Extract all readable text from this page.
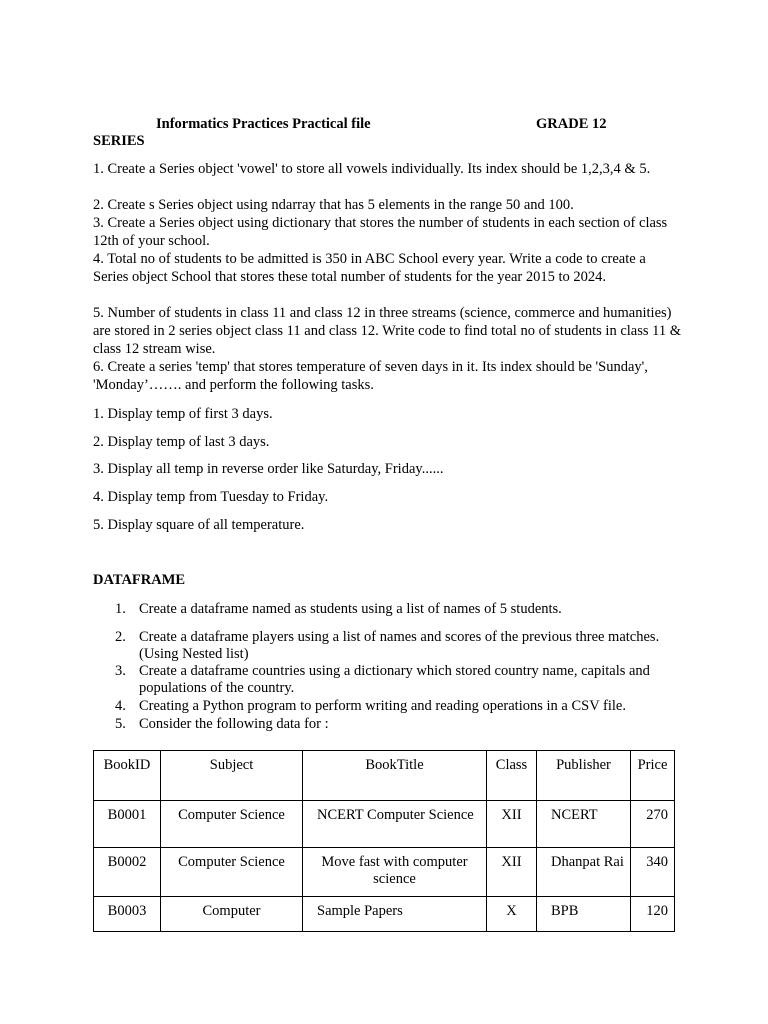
Informatics Practices Practical file	GRADE 12
SERIES
1. Create a Series object 'vowel' to store all vowels individually. Its index should be 1,2,3,4 & 5.
2. Create s Series object using ndarray that has 5 elements in the range 50 and 100.
3. Create a Series object using dictionary that stores the number of students in each section of class 12th of your school.
4. Total no of students to be admitted is 350 in ABC School every year. Write a code to create a Series object School that stores these total number of students for the year 2015 to 2024.
5. Number of students in class 11 and class 12 in three streams (science, commerce and humanities) are stored in 2 series object class 11 and class 12. Write code to find total no of students in class 11 & class 12 stream wise.
6. Create a series 'temp' that stores temperature of seven days in it. Its index should be 'Sunday', 'Monday’……. and perform the following tasks.
1. Display temp of first 3 days.
2. Display temp of last 3 days.
3. Display all temp in reverse order like Saturday, Friday......
4. Display temp from Tuesday to Friday.
5. Display square of all temperature.
DATAFRAME
1. Create a dataframe named as students using a list of names of 5 students.
2. Create a dataframe players using a list of names and scores of the previous three matches. (Using Nested list)
3. Create a dataframe countries using a dictionary which stored country name, capitals and populations of the country.
4. Creating a Python program to perform writing and reading operations in a CSV file.
5. Consider the following data for :
BookID	Subject	BookTitle	Class	Publisher	Price
B0001	Computer Science	NCERT Computer Science	XII	NCERT	270
B0002	Computer Science	Move fast with computer science	XII	Dhanpat Rai	340
B0003	Computer	Sample Papers	X	BPB	120
